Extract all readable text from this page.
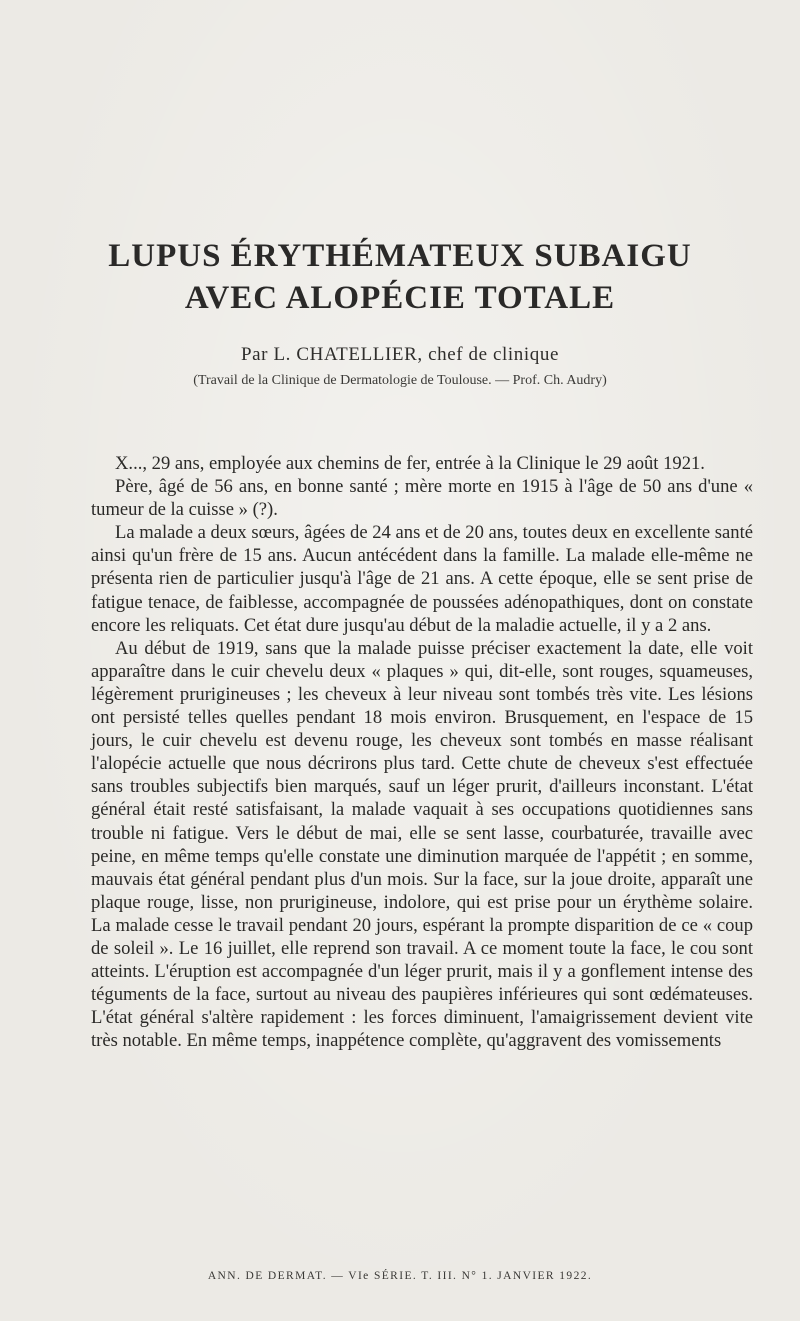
LUPUS ÉRYTHÉMATEUX SUBAIGU
AVEC ALOPÉCIE TOTALE
Par L. CHATELLIER, chef de clinique
(Travail de la Clinique de Dermatologie de Toulouse. — Prof. Ch. Audry)

X..., 29 ans, employée aux chemins de fer, entrée à la Clinique le 29 août 1921.

Père, âgé de 56 ans, en bonne santé ; mère morte en 1915 à l'âge de 50 ans d'une « tumeur de la cuisse » (?).

La malade a deux sœurs, âgées de 24 ans et de 20 ans, toutes deux en excellente santé ainsi qu'un frère de 15 ans. Aucun antécédent dans la famille. La malade elle-même ne présenta rien de particulier jusqu'à l'âge de 21 ans. A cette époque, elle se sent prise de fatigue tenace, de faiblesse, accompagnée de poussées adénopathiques, dont on constate encore les reliquats. Cet état dure jusqu'au début de la maladie actuelle, il y a 2 ans.

Au début de 1919, sans que la malade puisse préciser exactement la date, elle voit apparaître dans le cuir chevelu deux « plaques » qui, dit-elle, sont rouges, squameuses, légèrement prurigineuses ; les cheveux à leur niveau sont tombés très vite. Les lésions ont persisté telles quelles pendant 18 mois environ. Brusquement, en l'espace de 15 jours, le cuir chevelu est devenu rouge, les cheveux sont tombés en masse réalisant l'alopécie actuelle que nous décrirons plus tard. Cette chute de cheveux s'est effectuée sans troubles subjectifs bien marqués, sauf un léger prurit, d'ailleurs inconstant. L'état général était resté satisfaisant, la malade vaquait à ses occupations quotidiennes sans trouble ni fatigue. Vers le début de mai, elle se sent lasse, courbaturée, travaille avec peine, en même temps qu'elle constate une diminution marquée de l'appétit ; en somme, mauvais état général pendant plus d'un mois. Sur la face, sur la joue droite, apparaît une plaque rouge, lisse, non prurigineuse, indolore, qui est prise pour un érythème solaire. La malade cesse le travail pendant 20 jours, espérant la prompte disparition de ce « coup de soleil ». Le 16 juillet, elle reprend son travail. A ce moment toute la face, le cou sont atteints. L'éruption est accompagnée d'un léger prurit, mais il y a gonflement intense des téguments de la face, surtout au niveau des paupières inférieures qui sont œdémateuses. L'état général s'altère rapidement : les forces diminuent, l'amaigrissement devient vite très notable. En même temps, inappétence complète, qu'aggravent des vomissements

ANN. DE DERMAT. — VIe SÉRIE. T. III. N° 1. JANVIER 1922.
